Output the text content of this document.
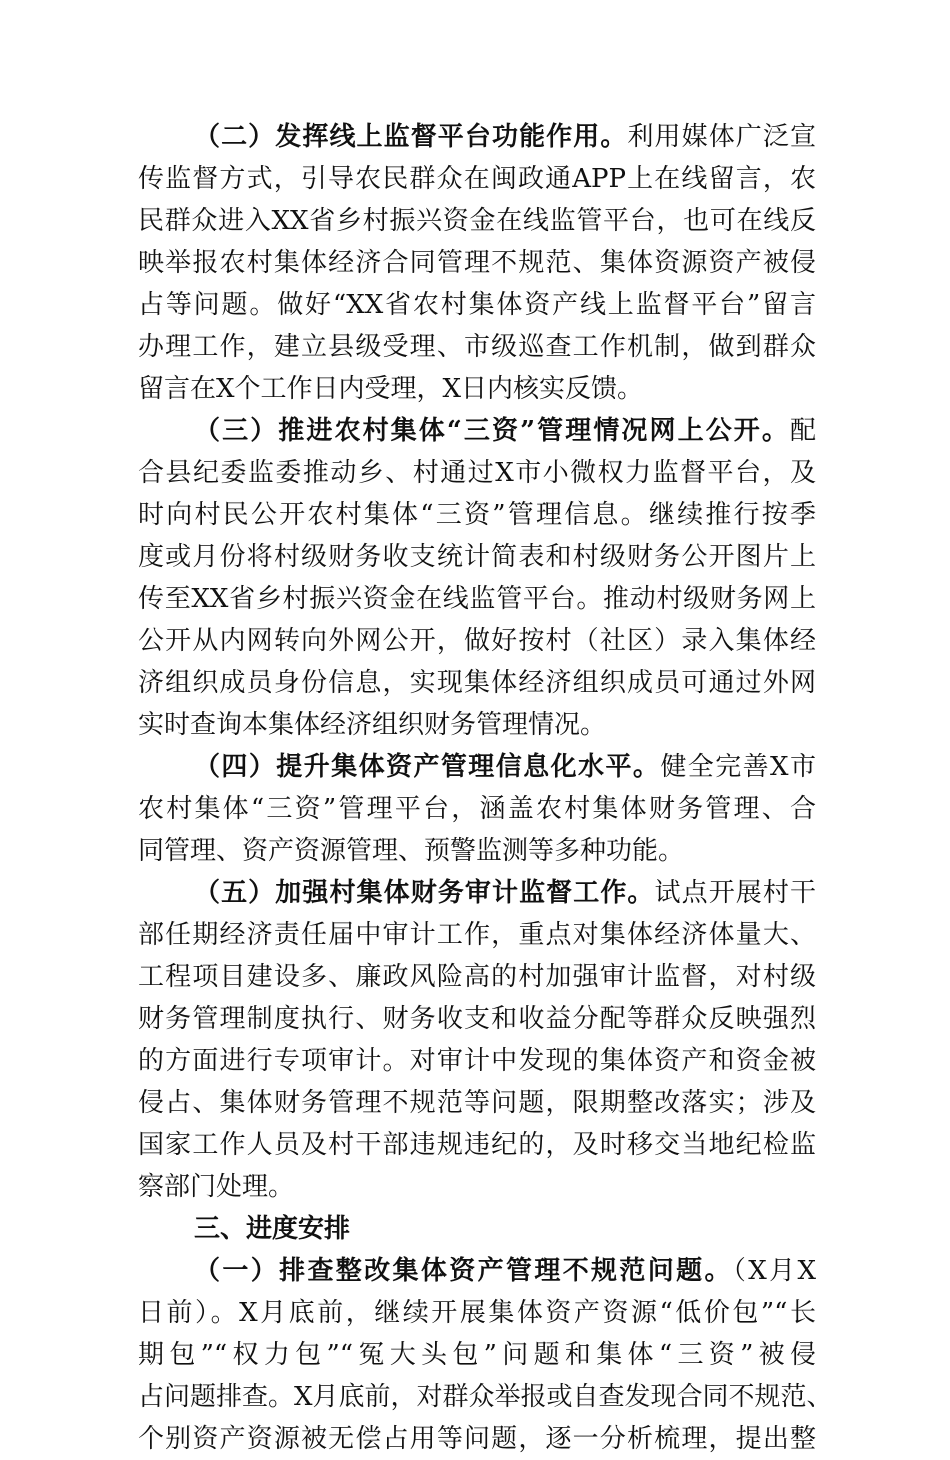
（二）发挥线上监督平台功能作用。利用媒体广泛宣
传监督方式，引导农民群众在闽政通APP上在线留言，农
民群众进入XX省乡村振兴资金在线监管平台，也可在线反
映举报农村集体经济合同管理不规范、集体资源资产被侵
占等问题。做好“XX省农村集体资产线上监督平台”留言
办理工作，建立县级受理、市级巡查工作机制，做到群众
留言在X个工作日内受理，X日内核实反馈。
（三）推进农村集体“三资”管理情况网上公开。配
合县纪委监委推动乡、村通过X市小微权力监督平台，及
时向村民公开农村集体“三资”管理信息。继续推行按季
度或月份将村级财务收支统计简表和村级财务公开图片上
传至XX省乡村振兴资金在线监管平台。推动村级财务网上
公开从内网转向外网公开，做好按村（社区）录入集体经
济组织成员身份信息，实现集体经济组织成员可通过外网
实时查询本集体经济组织财务管理情况。
（四）提升集体资产管理信息化水平。健全完善X市
农村集体“三资”管理平台，涵盖农村集体财务管理、合
同管理、资产资源管理、预警监测等多种功能。
（五）加强村集体财务审计监督工作。试点开展村干
部任期经济责任届中审计工作，重点对集体经济体量大、
工程项目建设多、廉政风险高的村加强审计监督，对村级
财务管理制度执行、财务收支和收益分配等群众反映强烈
的方面进行专项审计。对审计中发现的集体资产和资金被
侵占、集体财务管理不规范等问题，限期整改落实；涉及
国家工作人员及村干部违规违纪的，及时移交当地纪检监
察部门处理。
三、进度安排
（一）排查整改集体资产管理不规范问题。（X月X
日前）。X月底前，继续开展集体资产资源“低价包”“长
期包”“权力包”“冤大头包”问题和集体“三资”被侵
占问题排查。X月底前，对群众举报或自查发现合同不规范、
个别资产资源被无偿占用等问题，逐一分析梳理，提出整
